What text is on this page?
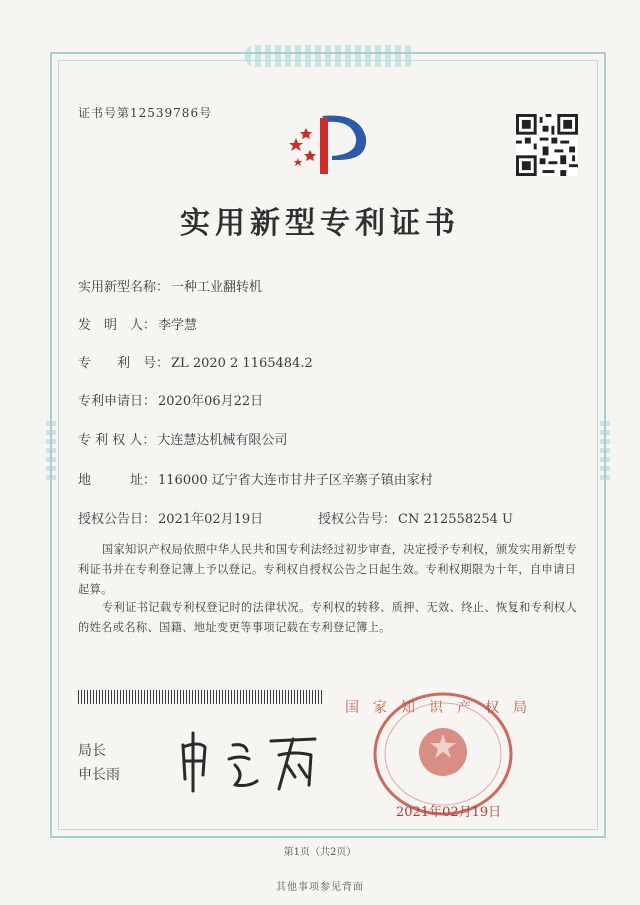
证书号第12539786号
实用新型专利证书
实用新型名称： 一种工业翻转机
发　明　人： 李学慧
专　　利　号： ZL 2020 2 1165484.2
专利申请日： 2020年06月22日
专 利 权 人： 大连慧达机械有限公司
地　　　址： 116000 辽宁省大连市甘井子区辛寨子镇由家村
授权公告日： 2021年02月19日	授权公告号： CN 212558254 U
国家知识产权局依照中华人民共和国专利法经过初步审查，决定授予专利权，颁发实用新型专利证书并在专利登记簿上予以登记。专利权自授权公告之日起生效。专利权期限为十年，自申请日起算。
专利证书记载专利权登记时的法律状况。专利权的转移、质押、无效、终止、恢复和专利权人的姓名或名称、国籍、地址变更等事项记载在专利登记簿上。
局长
申长雨
国家知识产权局
2021年02月19日
第1页（共2页）
其他事项参见背面
